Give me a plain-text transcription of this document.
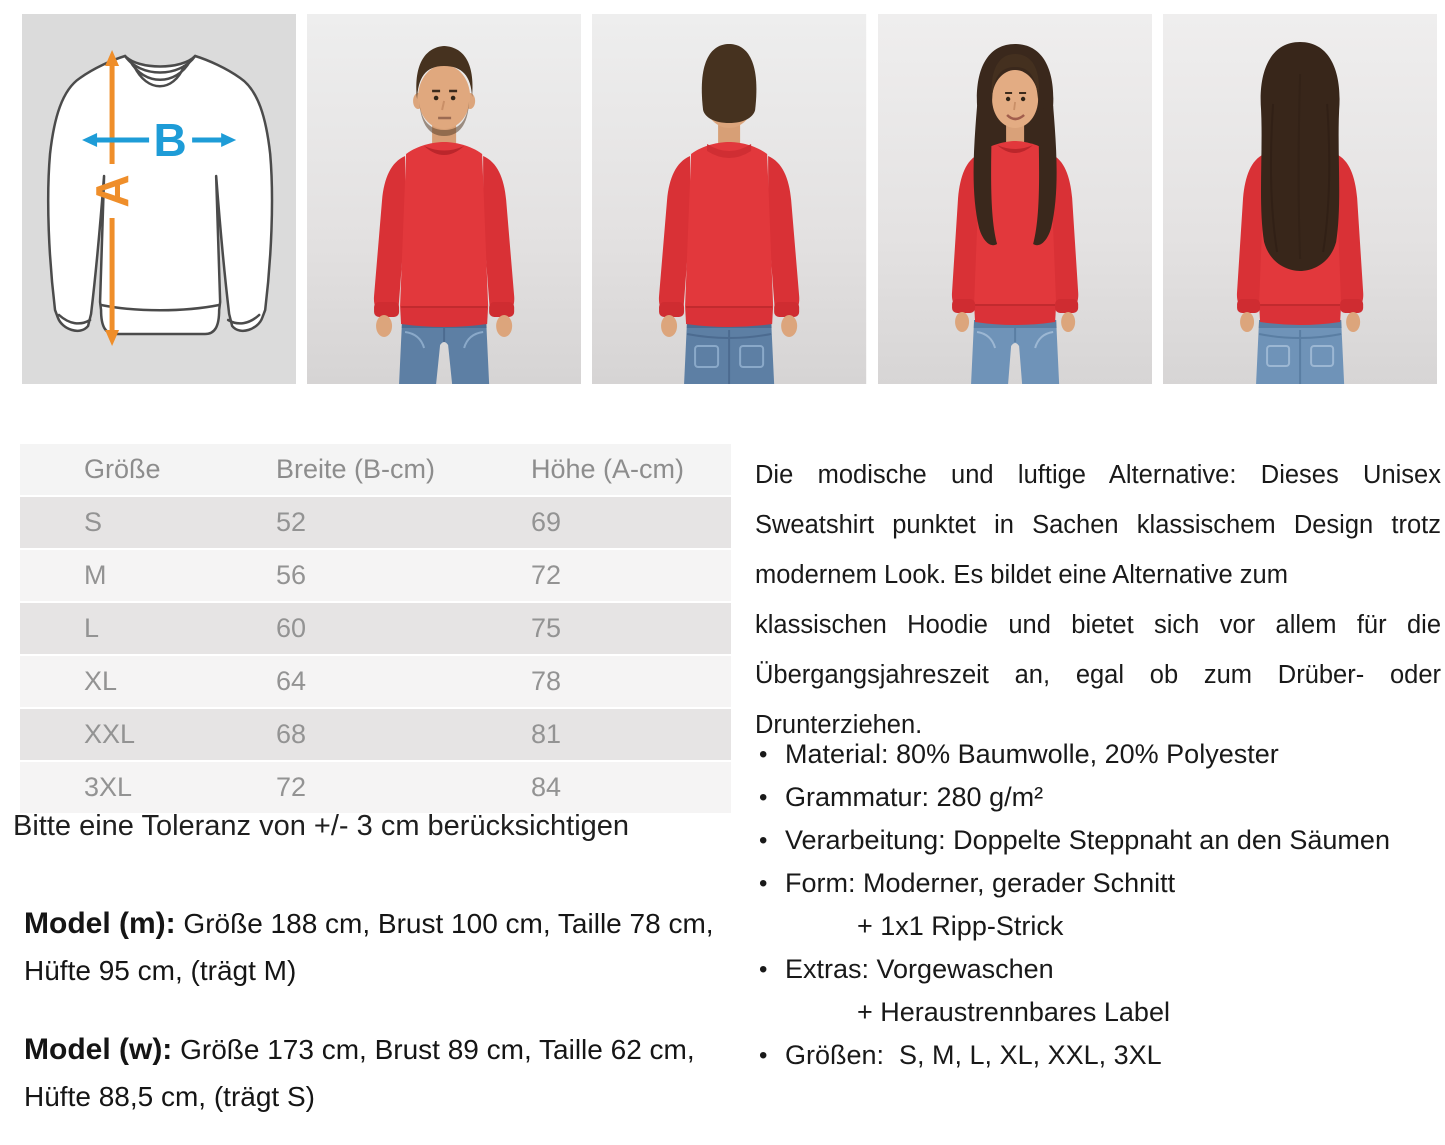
A
B
Größe	Breite (B-cm)	Höhe (A-cm)
S	52	69
M	56	72
L	60	75
XL	64	78
XXL	68	81
3XL	72	84
Bitte eine Toleranz von +/- 3 cm berücksichtigen
Model (m): Größe 188 cm, Brust 100 cm, Taille 78 cm,
Hüfte 95 cm, (trägt M)
Model (w): Größe 173 cm, Brust 89 cm, Taille 62 cm,
Hüfte 88,5 cm, (trägt S)
Die modische und luftige Alternative: Dieses Unisex
Sweatshirt punktet in Sachen klassischem Design trotz
modernem Look. Es bildet eine Alternative zum
klassischen Hoodie und bietet sich vor allem für die
Übergangsjahreszeit an, egal ob zum Drüber- oder
Drunterziehen.
• Material: 80% Baumwolle, 20% Polyester
• Grammatur: 280 g/m²
• Verarbeitung: Doppelte Steppnaht an den Säumen
• Form: Moderner, gerader Schnitt
+ 1x1 Ripp-Strick
• Extras: Vorgewaschen
+ Heraustrennbares Label
• Größen:  S, M, L, XL, XXL, 3XL
